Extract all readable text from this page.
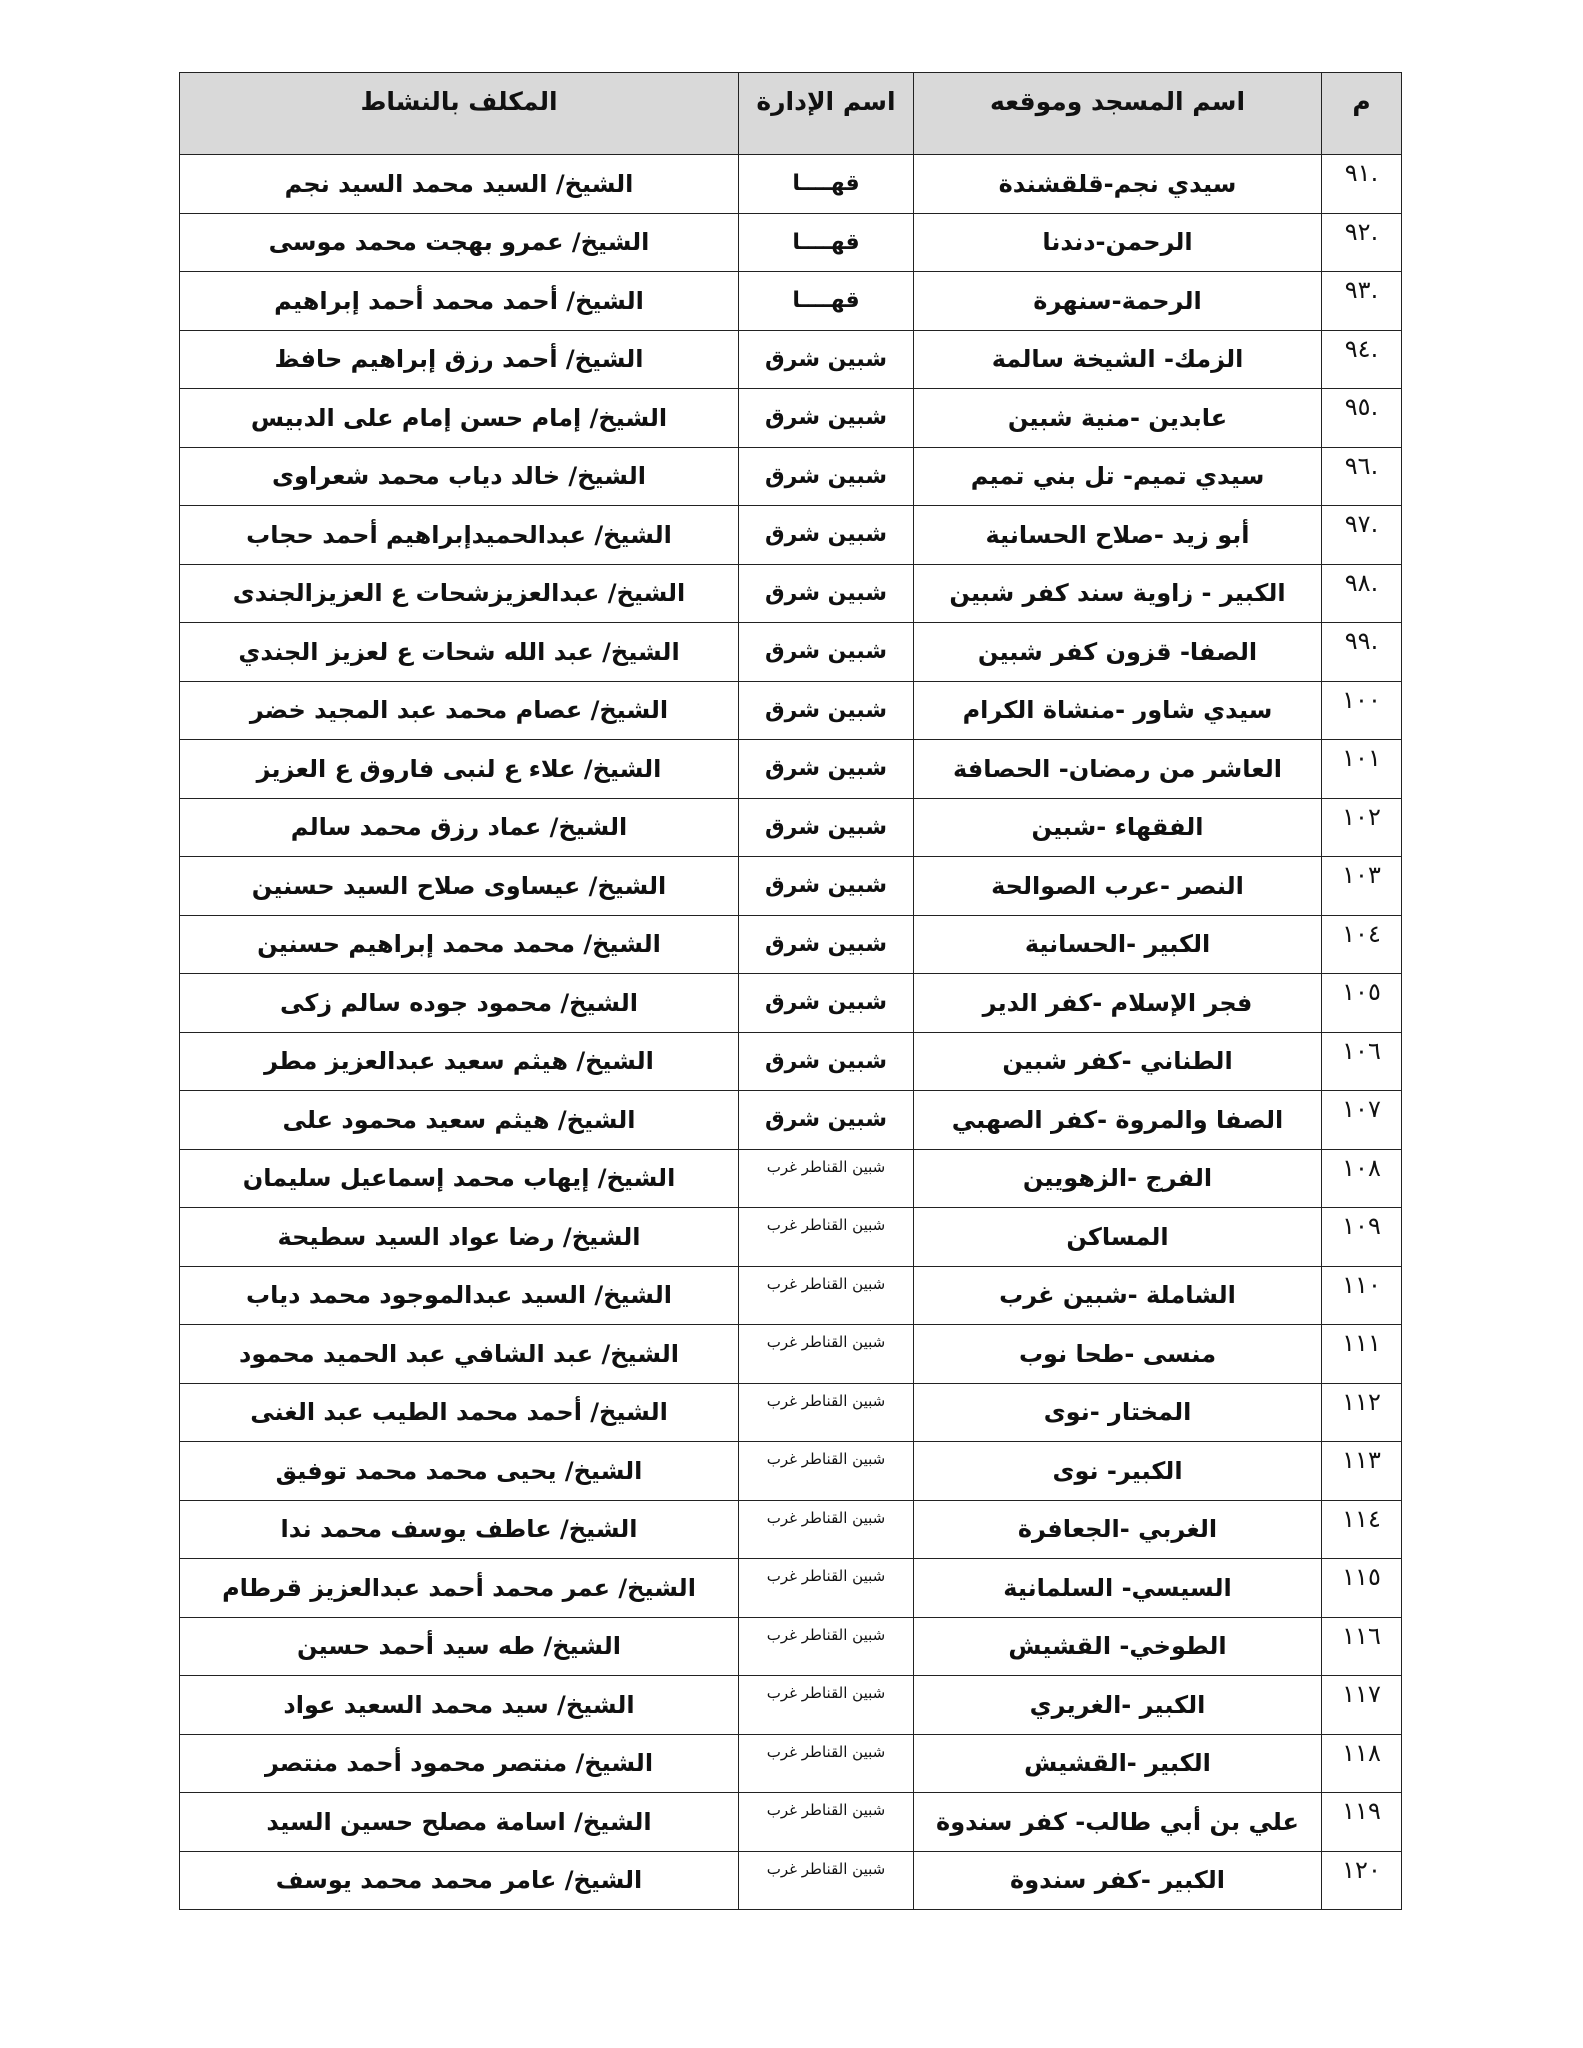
م	اسم المسجد وموقعه	اسم الإدارة	المكلف بالنشاط
٩١.	سيدي نجم-قلقشندة	قهــــا	الشيخ/ السيد محمد السيد نجم
٩٢.	الرحمن-دندنا	قهــــا	الشيخ/ عمرو بهجت محمد موسى
٩٣.	الرحمة-سنهرة	قهــــا	الشيخ/ أحمد محمد أحمد إبراهيم
٩٤.	الزمك- الشيخة سالمة	شبين شرق	الشيخ/ أحمد رزق إبراهيم حافظ
٩٥.	عابدين -منية شبين	شبين شرق	الشيخ/ إمام حسن إمام على الدبيس
٩٦.	سيدي تميم- تل بني تميم	شبين شرق	الشيخ/ خالد دياب محمد شعراوى
٩٧.	أبو زيد -صلاح الحسانية	شبين شرق	الشيخ/ عبدالحميدإبراهيم أحمد حجاب
٩٨.	الكبير - زاوية سند كفر شبين	شبين شرق	الشيخ/ عبدالعزيزشحات ع العزيزالجندى
٩٩.	الصفا- قزون كفر شبين	شبين شرق	الشيخ/ عبد الله شحات ع لعزيز الجندي
١٠٠	سيدي شاور -منشاة الكرام	شبين شرق	الشيخ/ عصام محمد عبد المجيد خضر
١٠١	العاشر من رمضان- الحصافة	شبين شرق	الشيخ/ علاء ع لنبى فاروق ع العزيز
١٠٢	الفقهاء -شبين	شبين شرق	الشيخ/ عماد رزق محمد سالم
١٠٣	النصر -عرب الصوالحة	شبين شرق	الشيخ/ عيساوى صلاح السيد حسنين
١٠٤	الكبير -الحسانية	شبين شرق	الشيخ/ محمد محمد إبراهيم حسنين
١٠٥	فجر الإسلام -كفر الدير	شبين شرق	الشيخ/ محمود جوده سالم زكى
١٠٦	الطناني -كفر شبين	شبين شرق	الشيخ/ هيثم سعيد عبدالعزيز مطر
١٠٧	الصفا والمروة -كفر الصهبي	شبين شرق	الشيخ/ هيثم سعيد محمود على
١٠٨	الفرج -الزهويين	شبين القناطر غرب	الشيخ/ إيهاب محمد إسماعيل سليمان
١٠٩	المساكن	شبين القناطر غرب	الشيخ/ رضا عواد السيد سطيحة
١١٠	الشاملة -شبين غرب	شبين القناطر غرب	الشيخ/ السيد عبدالموجود محمد دياب
١١١	منسى -طحا نوب	شبين القناطر غرب	الشيخ/ عبد الشافي عبد الحميد محمود
١١٢	المختار -نوى	شبين القناطر غرب	الشيخ/ أحمد محمد الطيب عبد الغنى
١١٣	الكبير- نوى	شبين القناطر غرب	الشيخ/ يحيى محمد محمد توفيق
١١٤	الغربي -الجعافرة	شبين القناطر غرب	الشيخ/ عاطف يوسف محمد ندا
١١٥	السيسي- السلمانية	شبين القناطر غرب	الشيخ/ عمر محمد أحمد عبدالعزيز قرطام
١١٦	الطوخي- القشيش	شبين القناطر غرب	الشيخ/ طه سيد أحمد حسين
١١٧	الكبير -الغريري	شبين القناطر غرب	الشيخ/ سيد محمد السعيد عواد
١١٨	الكبير -القشيش	شبين القناطر غرب	الشيخ/ منتصر محمود أحمد منتصر
١١٩	علي بن أبي طالب- كفر سندوة	شبين القناطر غرب	الشيخ/ اسامة مصلح حسين السيد
١٢٠	الكبير -كفر سندوة	شبين القناطر غرب	الشيخ/ عامر محمد محمد يوسف
